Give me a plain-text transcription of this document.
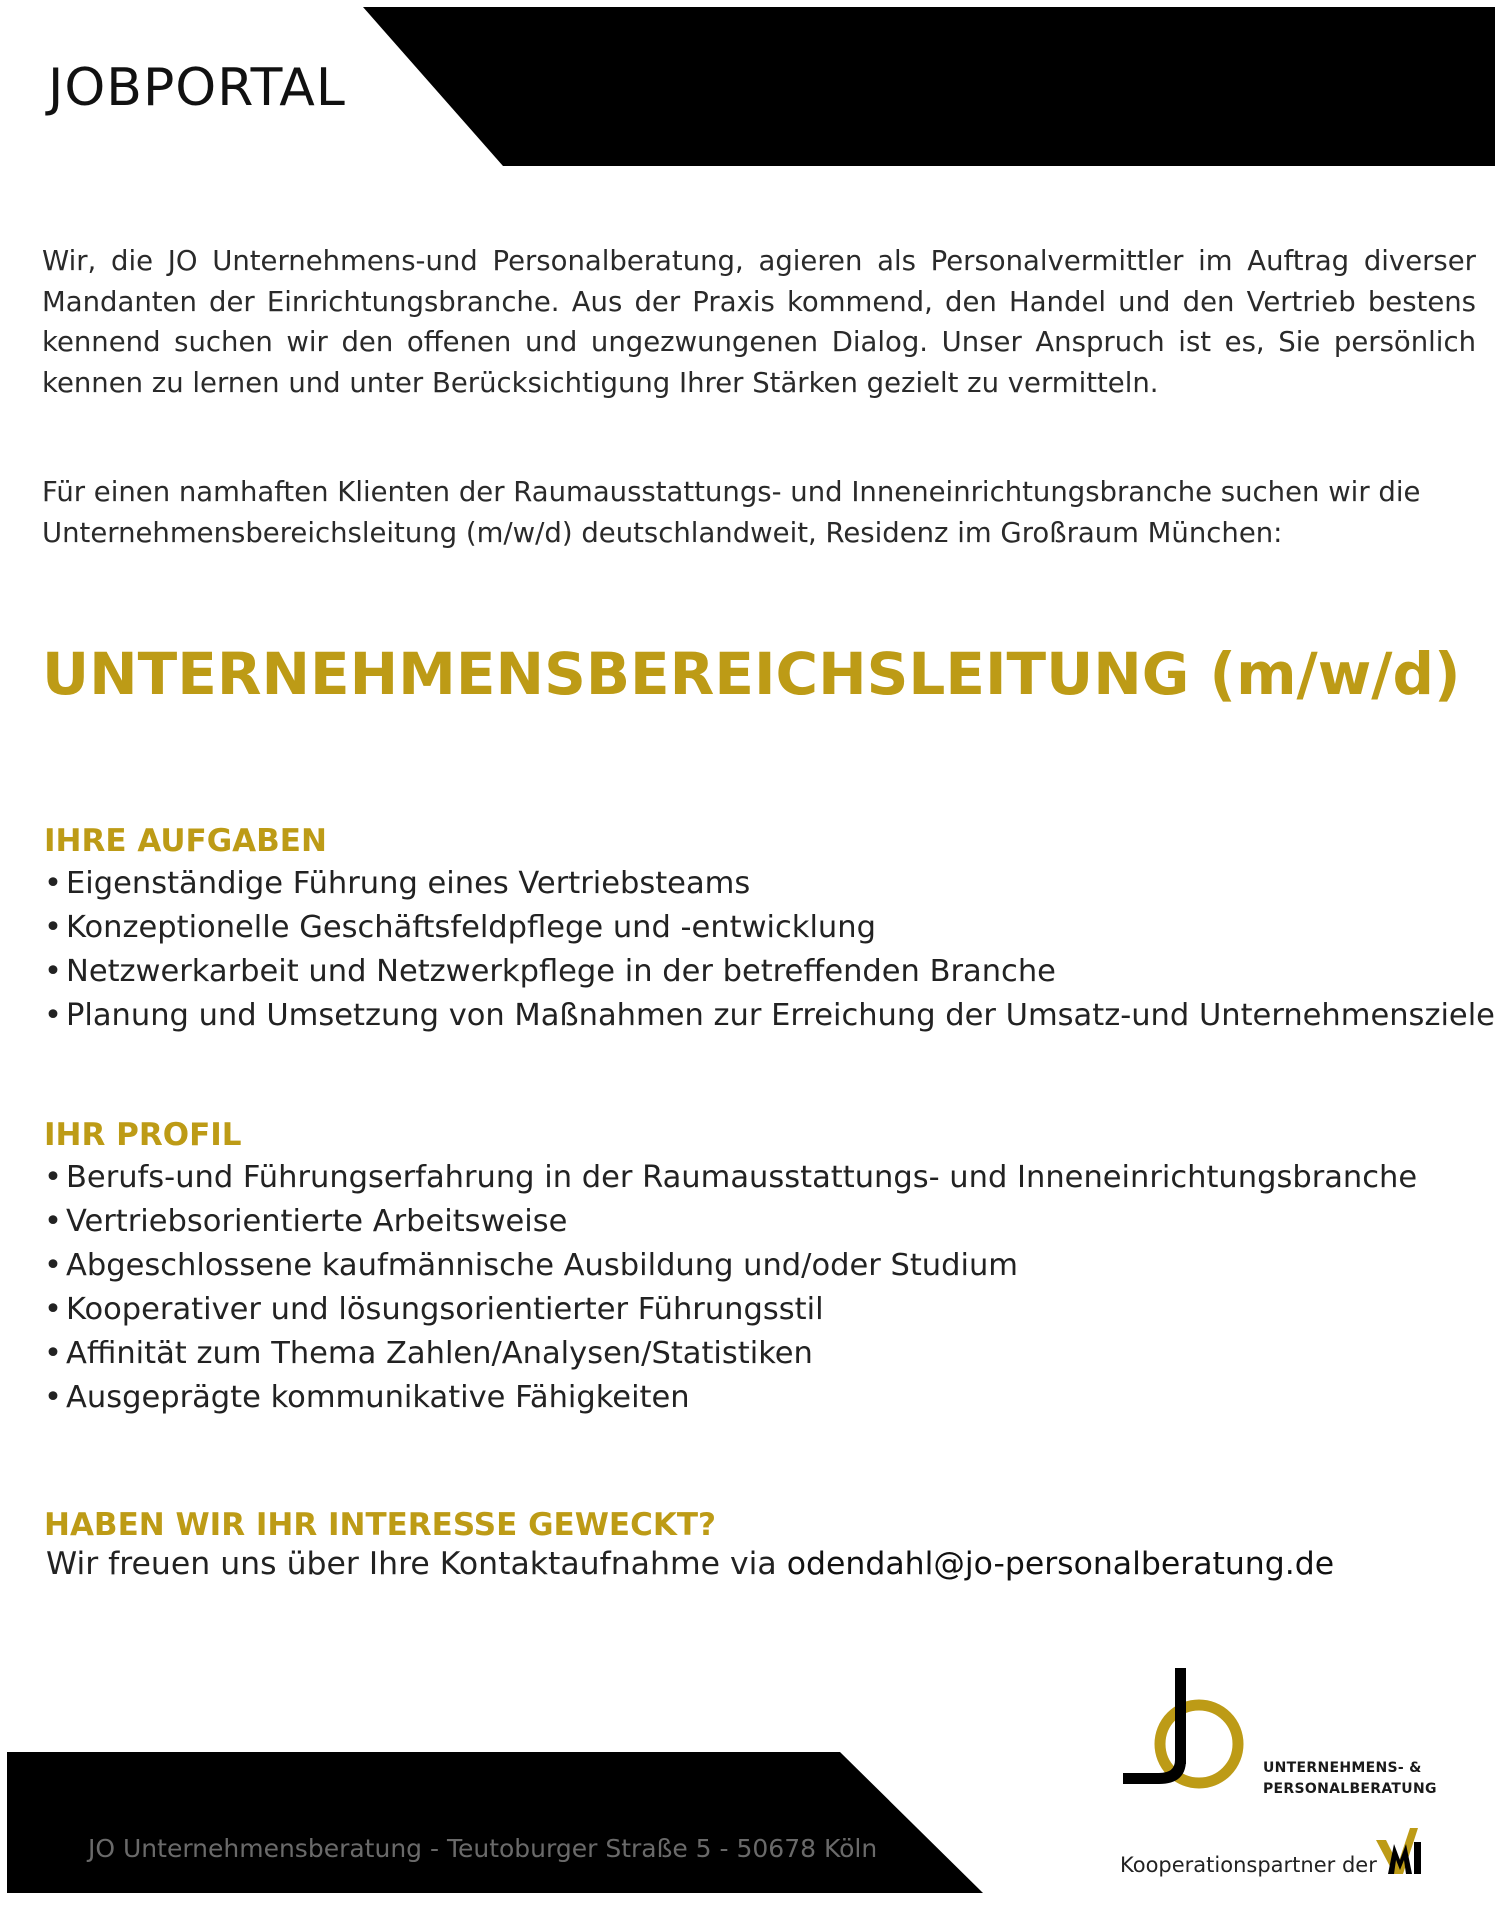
JOBPORTAL

Wir, die JO Unternehmens-und Personalberatung, agieren als Personalvermittler im Auftrag diverser Mandanten der Einrichtungsbranche. Aus der Praxis kommend, den Handel und den Vertrieb bestens kennend suchen wir den offenen und ungezwungenen Dialog. Unser Anspruch ist es, Sie persönlich kennen zu lernen und unter Berücksichtigung Ihrer Stärken gezielt zu vermitteln.

Für einen namhaften Klienten der Raumausstattungs- und Inneneinrichtungsbranche suchen wir die Unternehmensbereichsleitung (m/w/d) deutschlandweit, Residenz im Großraum München:

UNTERNEHMENSBEREICHSLEITUNG (m/w/d)
IHRE AUFGABEN
• Eigenständige Führung eines Vertriebsteams
• Konzeptionelle Geschäftsfeldpflege und -entwicklung
• Netzwerkarbeit und Netzwerkpflege in der betreffenden Branche
• Planung und Umsetzung von Maßnahmen zur Erreichung der Umsatz-und Unternehmensziele
IHR PROFIL
• Berufs-und Führungserfahrung in der Raumausstattungs- und Inneneinrichtungsbranche
• Vertriebsorientierte Arbeitsweise
• Abgeschlossene kaufmännische Ausbildung und/oder Studium
• Kooperativer und lösungsorientierter Führungsstil
• Affinität zum Thema Zahlen/Analysen/Statistiken
• Ausgeprägte kommunikative Fähigkeiten
HABEN WIR IHR INTERESSE GEWECKT?

Wir freuen uns über Ihre Kontaktaufnahme via odendahl@jo-personalberatung.de

JO Unternehmensberatung - Teutoburger Straße 5 - 50678 Köln

UNTERNEHMENS- &

PERSONALBERATUNG

Kooperationspartner der
